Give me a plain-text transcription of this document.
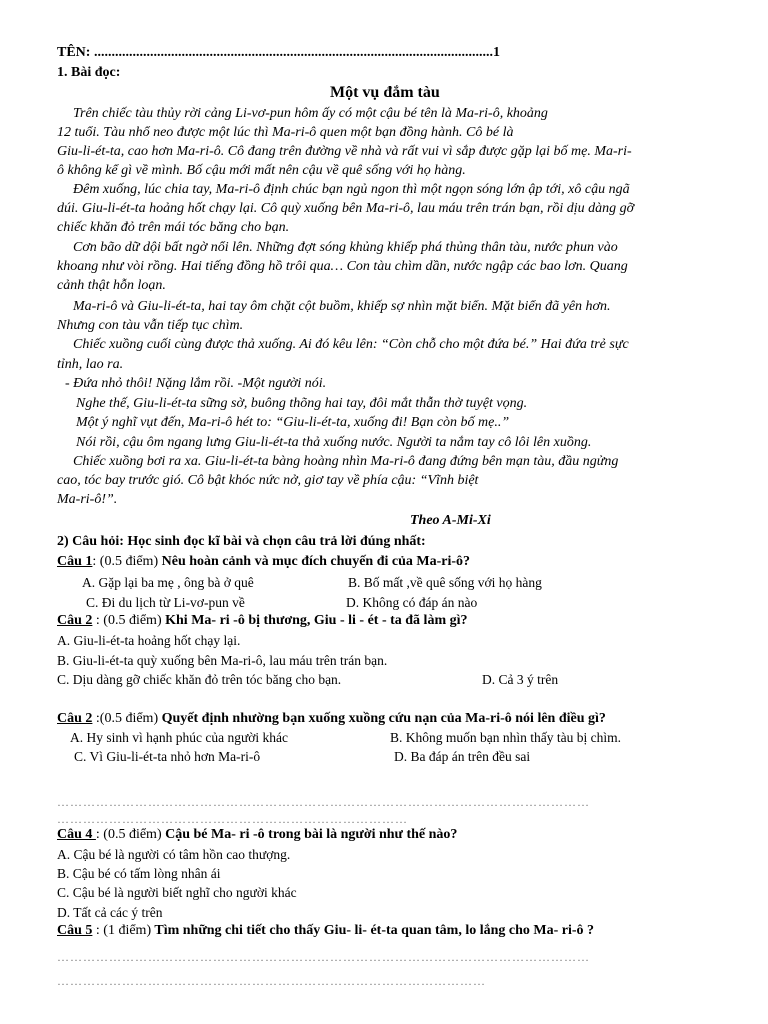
TÊN: ..................................................................................................................1
1. Bài đọc:
Một vụ đắm tàu
Trên chiếc tàu thủy rời cảng Li-vơ-pun hôm ấy có một cậu bé tên là Ma-ri-ô, khoảng
12 tuổi. Tàu nhổ neo được một lúc thì Ma-ri-ô quen một bạn đồng hành. Cô bé là
Giu-li-ét-ta, cao hơn Ma-ri-ô. Cô đang trên đường về nhà và rất vui vì sắp được gặp lại bố mẹ. Ma-ri-
ô không kể gì về mình. Bố cậu mới mất nên cậu về quê sống với họ hàng.
Đêm xuống, lúc chia tay, Ma-ri-ô định chúc bạn ngủ ngon thì một ngọn sóng lớn ập tới, xô cậu ngã
dúi. Giu-li-ét-ta hoảng hốt chạy lại. Cô quỳ xuống bên Ma-ri-ô, lau máu trên trán bạn, rồi dịu dàng gỡ
chiếc khăn đỏ trên mái tóc băng cho bạn.
Cơn bão dữ dội bất ngờ nổi lên. Những đợt sóng khủng khiếp phá thủng thân tàu, nước phun vào
khoang như vòi rồng. Hai tiếng đồng hồ trôi qua… Con tàu chìm dần, nước ngập các bao lơn. Quang
cảnh thật hỗn loạn.
Ma-ri-ô và Giu-li-ét-ta, hai tay ôm chặt cột buồm, khiếp sợ nhìn mặt biển. Mặt biển đã yên hơn.
Nhưng con tàu vẫn tiếp tục chìm.
Chiếc xuồng cuối cùng được thả xuống. Ai đó kêu lên: “Còn chỗ cho một đứa bé.” Hai đứa trẻ sực
tỉnh, lao ra.
- Đứa nhỏ thôi! Nặng lắm rồi. -Một người nói.
Nghe thế, Giu-li-ét-ta sững sờ, buông thõng hai tay, đôi mắt thẫn thờ tuyệt vọng.
Một ý nghĩ vụt đến, Ma-ri-ô hét to: “Giu-li-ét-ta, xuống đi! Bạn còn bố mẹ..”
Nói rồi, cậu ôm ngang lưng Giu-li-ét-ta thả xuống nước. Người ta nắm tay cô lôi lên xuồng.
Chiếc xuồng bơi ra xa. Giu-li-ét-ta bàng hoàng nhìn Ma-ri-ô đang đứng bên mạn tàu, đầu ngửng
cao, tóc bay trước gió. Cô bật khóc nức nở, giơ tay về phía cậu: “Vĩnh biệt
Ma-ri-ô!”.
Theo A-Mi-Xi
2) Câu hỏi: Học sinh đọc kĩ bài và chọn câu trả lời đúng nhất:
Câu 1: (0.5 điểm) Nêu hoàn cảnh và mục đích chuyến đi của Ma-ri-ô?
A. Gặp lại ba mẹ , ông bà ở quê	B. Bố mất ,về quê sống với họ hàng
C. Đi du lịch từ Li-vơ-pun về	D. Không có đáp án nào
Câu 2 : (0.5 điểm) Khi Ma- ri -ô bị thương, Giu - li - ét - ta đã làm gì?
A. Giu-li-ét-ta hoảng hốt chạy lại.
B. Giu-li-ét-ta quỳ xuống bên Ma-ri-ô, lau máu trên trán bạn.
C. Dịu dàng gỡ chiếc khăn đỏ trên tóc băng cho bạn.	D. Cả 3 ý trên
Câu 2 :(0.5 điểm) Quyết định nhường bạn xuống xuồng cứu nạn của Ma-ri-ô nói lên điều gì?
A. Hy sinh vì hạnh phúc của người khác	B. Không muốn bạn nhìn thấy tàu bị chìm.
C. Vì Giu-li-ét-ta nhỏ hơn Ma-ri-ô	D. Ba đáp án trên đều sai
……………………………………………………………………………………………………………
………………………………………………………………………
Câu 4 : (0.5 điểm) Cậu bé Ma- ri -ô trong bài là người như thế nào?
A. Cậu bé là người có tâm hồn cao thượng.
B. Cậu bé có tấm lòng nhân ái
C. Cậu bé là người biết nghĩ cho người khác
D. Tất cả các ý trên
Câu 5 : (1 điểm) Tìm những chi tiết cho thấy Giu- li- ét-ta quan tâm, lo lắng cho Ma- ri-ô ?
……………………………………………………………………………………………………………
………………………………………………………………………………………
